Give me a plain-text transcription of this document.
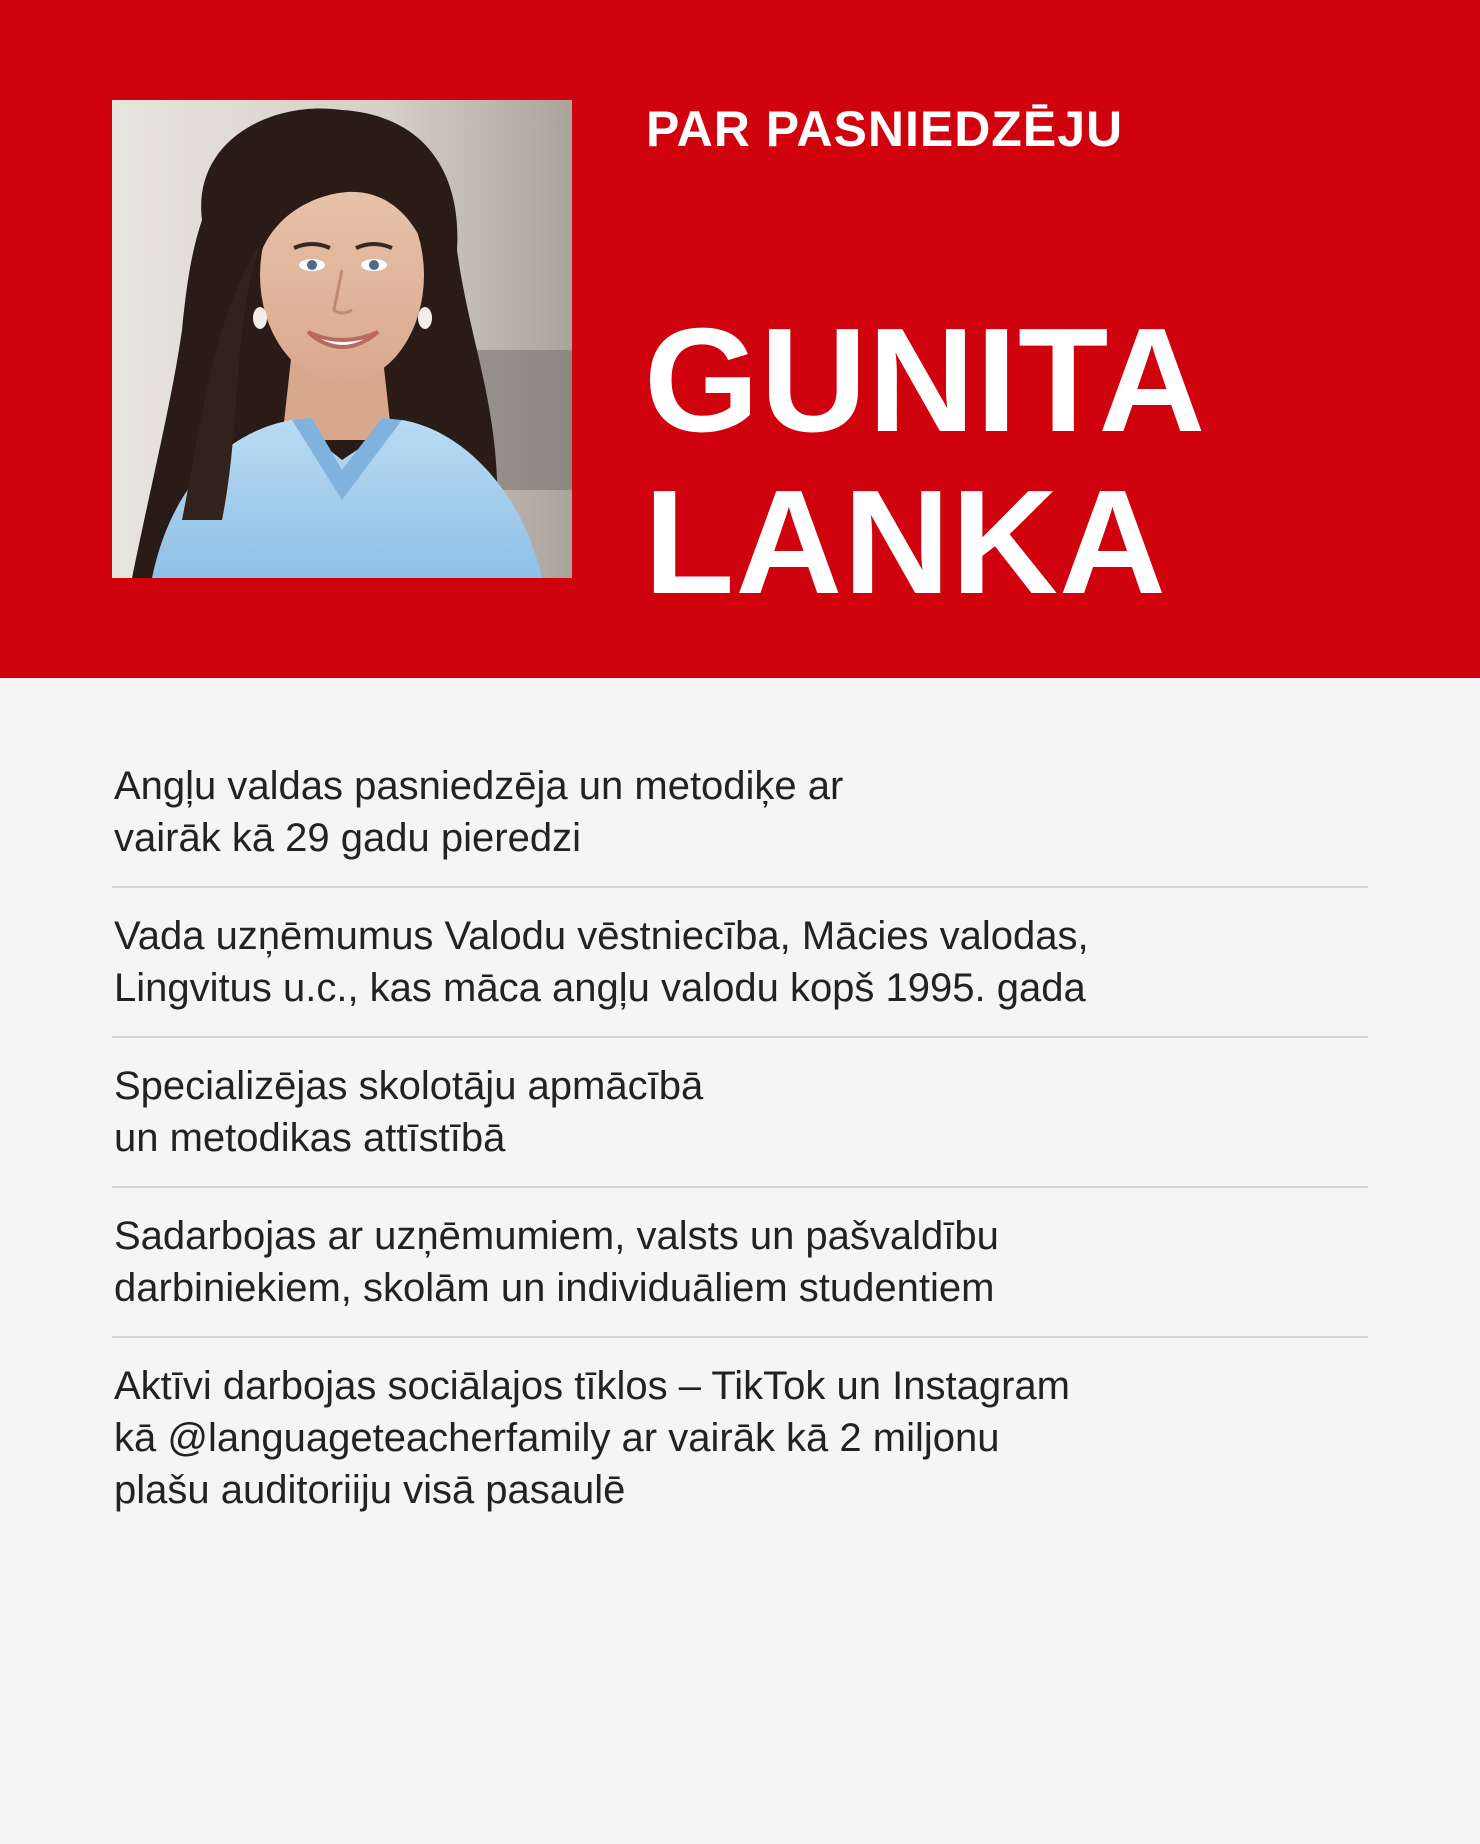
PAR PASNIEDZĒJU
GUNITA
LANKA
Angļu valdas pasniedzēja un metodiķe ar
vairāk kā 29 gadu pieredzi
Vada uzņēmumus Valodu vēstniecība, Mācies valodas,
Lingvitus u.c., kas māca angļu valodu kopš 1995. gada
Specializējas skolotāju apmācībā
un metodikas attīstībā
Sadarbojas ar uzņēmumiem, valsts un pašvaldību
darbiniekiem, skolām un individuāliem studentiem
Aktīvi darbojas sociālajos tīklos – TikTok un Instagram
kā @languageteacherfamily ar vairāk kā 2 miljonu
plašu auditoriiju visā pasaulē
